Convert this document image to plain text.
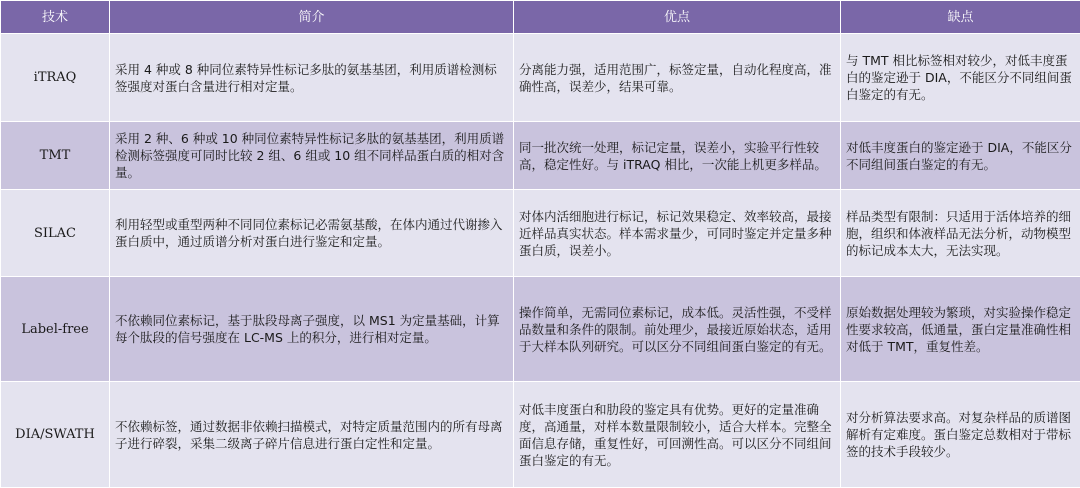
技术	简介	优点	缺点
iTRAQ	采用 4 种或 8 种同位素特异性标记多肽的氨基基团，利用质谱检测标签强度对蛋白含量进行相对定量。	分离能力强，适用范围广，标签定量，自动化程度高，准确性高，误差少，结果可靠。	与 TMT 相比标签相对较少，对低丰度蛋白的鉴定逊于 DIA，不能区分不同组间蛋白鉴定的有无。
TMT	采用 2 种、6 种或 10 种同位素特异性标记多肽的氨基基团，利用质谱检测标签强度可同时比较 2 组、6 组或 10 组不同样品蛋白质的相对含量。	同一批次统一处理，标记定量，误差小，实验平行性较高，稳定性好。与 iTRAQ 相比，一次能上机更多样品。	对低丰度蛋白的鉴定逊于 DIA，不能区分不同组间蛋白鉴定的有无。
SILAC	利用轻型或重型两种不同同位素标记必需氨基酸，在体内通过代谢掺入蛋白质中，通过质谱分析对蛋白进行鉴定和定量。	对体内活细胞进行标记，标记效果稳定、效率较高，最接近样品真实状态。样本需求量少，可同时鉴定并定量多种蛋白质，误差小。	样品类型有限制：只适用于活体培养的细胞，组织和体液样品无法分析，动物模型的标记成本太大，无法实现。
Label-free	不依赖同位素标记，基于肽段母离子强度，以 MS1 为定量基础，计算每个肽段的信号强度在 LC-MS 上的积分，进行相对定量。	操作简单，无需同位素标记，成本低。灵活性强，不受样品数量和条件的限制。前处理少，最接近原始状态，适用于大样本队列研究。可以区分不同组间蛋白鉴定的有无。	原始数据处理较为繁琐，对实验操作稳定性要求较高，低通量，蛋白定量准确性相对低于 TMT，重复性差。
DIA/SWATH	不依赖标签，通过数据非依赖扫描模式，对特定质量范围内的所有母离子进行碎裂，采集二级离子碎片信息进行蛋白定性和定量。	对低丰度蛋白和肋段的鉴定具有优势。更好的定量准确度，高通量，对样本数量限制较小，适合大样本。完整全面信息存储，重复性好，可回溯性高。可以区分不同组间蛋白鉴定的有无。	对分析算法要求高。对复杂样品的质谱图解析有定难度。蛋白鉴定总数相对于带标签的技术手段较少。
